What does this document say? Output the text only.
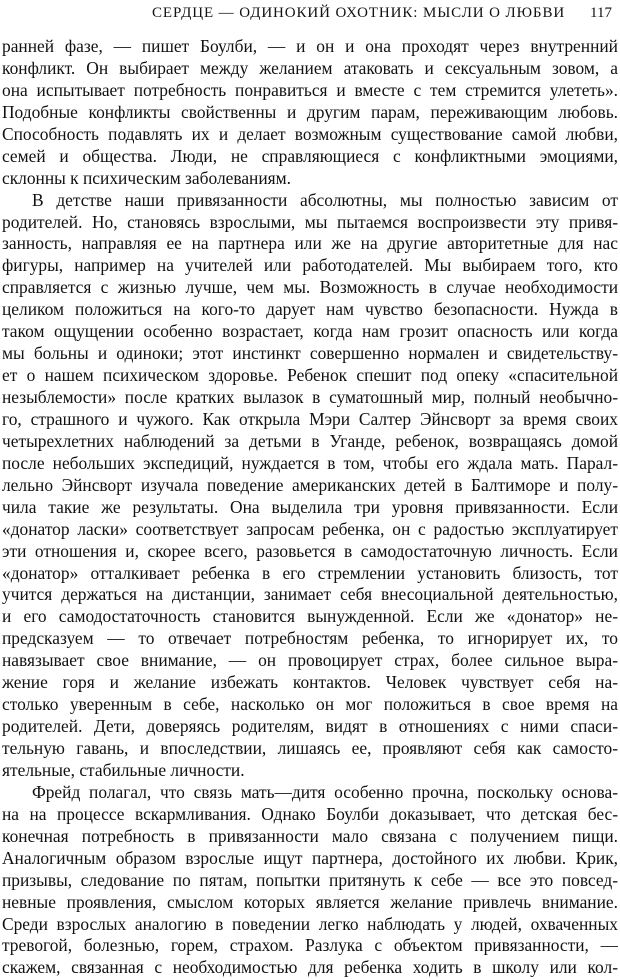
СЕРДЦЕ — ОДИНОКИЙ ОХОТНИК: МЫСЛИ О ЛЮБВИ 117
ранней фазе, — пишет Боулби, — и он и она проходят через внутренний
конфликт. Он выбирает между желанием атаковать и сексуальным зовом, а
она испытывает потребность понравиться и вместе с тем стремится улететь».
Подобные конфликты свойственны и другим парам, переживающим любовь.
Способность подавлять их и делает возможным существование самой любви,
семей и общества. Люди, не справляющиеся с конфликтными эмоциями,
склонны к психическим заболеваниям.
В детстве наши привязанности абсолютны, мы полностью зависим от
родителей. Но, становясь взрослыми, мы пытаемся воспроизвести эту привя-
занность, направляя ее на партнера или же на другие авторитетные для нас
фигуры, например на учителей или работодателей. Мы выбираем того, кто
справляется с жизнью лучше, чем мы. Возможность в случае необходимости
целиком положиться на кого-то дарует нам чувство безопасности. Нужда в
таком ощущении особенно возрастает, когда нам грозит опасность или когда
мы больны и одиноки; этот инстинкт совершенно нормален и свидетельству-
ет о нашем психическом здоровье. Ребенок спешит под опеку «спасительной
незыблемости» после кратких вылазок в суматошный мир, полный необычно-
го, страшного и чужого. Как открыла Мэри Салтер Эйнсворт за время своих
четырехлетних наблюдений за детьми в Уганде, ребенок, возвращаясь домой
после небольших экспедиций, нуждается в том, чтобы его ждала мать. Парал-
лельно Эйнсворт изучала поведение американских детей в Балтиморе и полу-
чила такие же результаты. Она выделила три уровня привязанности. Если
«донатор ласки» соответствует запросам ребенка, он с радостью эксплуатирует
эти отношения и, скорее всего, разовьется в самодостаточную личность. Если
«донатор» отталкивает ребенка в его стремлении установить близость, тот
учится держаться на дистанции, занимает себя внесоциальной деятельностью,
и его самодостаточность становится вынужденной. Если же «донатор» не-
предсказуем — то отвечает потребностям ребенка, то игнорирует их, то
навязывает свое внимание, — он провоцирует страх, более сильное выра-
жение горя и желание избежать контактов. Человек чувствует себя на-
столько уверенным в себе, насколько он мог положиться в свое время на
родителей. Дети, доверяясь родителям, видят в отношениях с ними спаси-
тельную гавань, и впоследствии, лишаясь ее, проявляют себя как самосто-
ятельные, стабильные личности.
Фрейд полагал, что связь мать—дитя особенно прочна, поскольку основа-
на на процессе вскармливания. Однако Боулби доказывает, что детская бес-
конечная потребность в привязанности мало связана с получением пищи.
Аналогичным образом взрослые ищут партнера, достойного их любви. Крик,
призывы, следование по пятам, попытки притянуть к себе — все это повсед-
невные проявления, смыслом которых является желание привлечь внимание.
Среди взрослых аналогию в поведении легко наблюдать у людей, охваченных
тревогой, болезнью, горем, страхом. Разлука с объектом привязанности, —
скажем, связанная с необходимостью для ребенка ходить в школу или кол-
